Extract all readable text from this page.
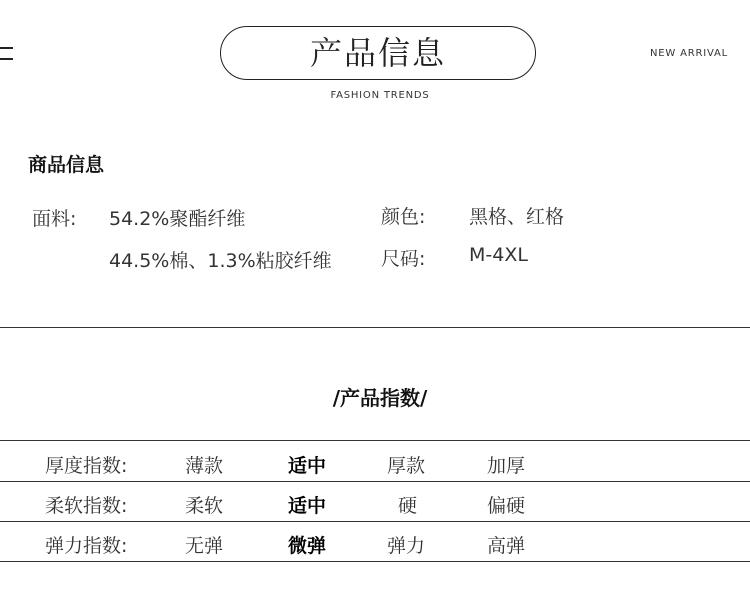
产品信息
FASHION TRENDS
NEW ARRIVAL
商品信息
面料: 54.2%聚酯纤维
44.5%棉、1.3%粘胶纤维
颜色: 黑格、红格
尺码: M-4XL
/产品指数/
厚度指数:	薄款	适中	厚款	加厚
柔软指数:	柔软	适中	硬	偏硬
弹力指数:	无弹	微弹	弹力	高弹
